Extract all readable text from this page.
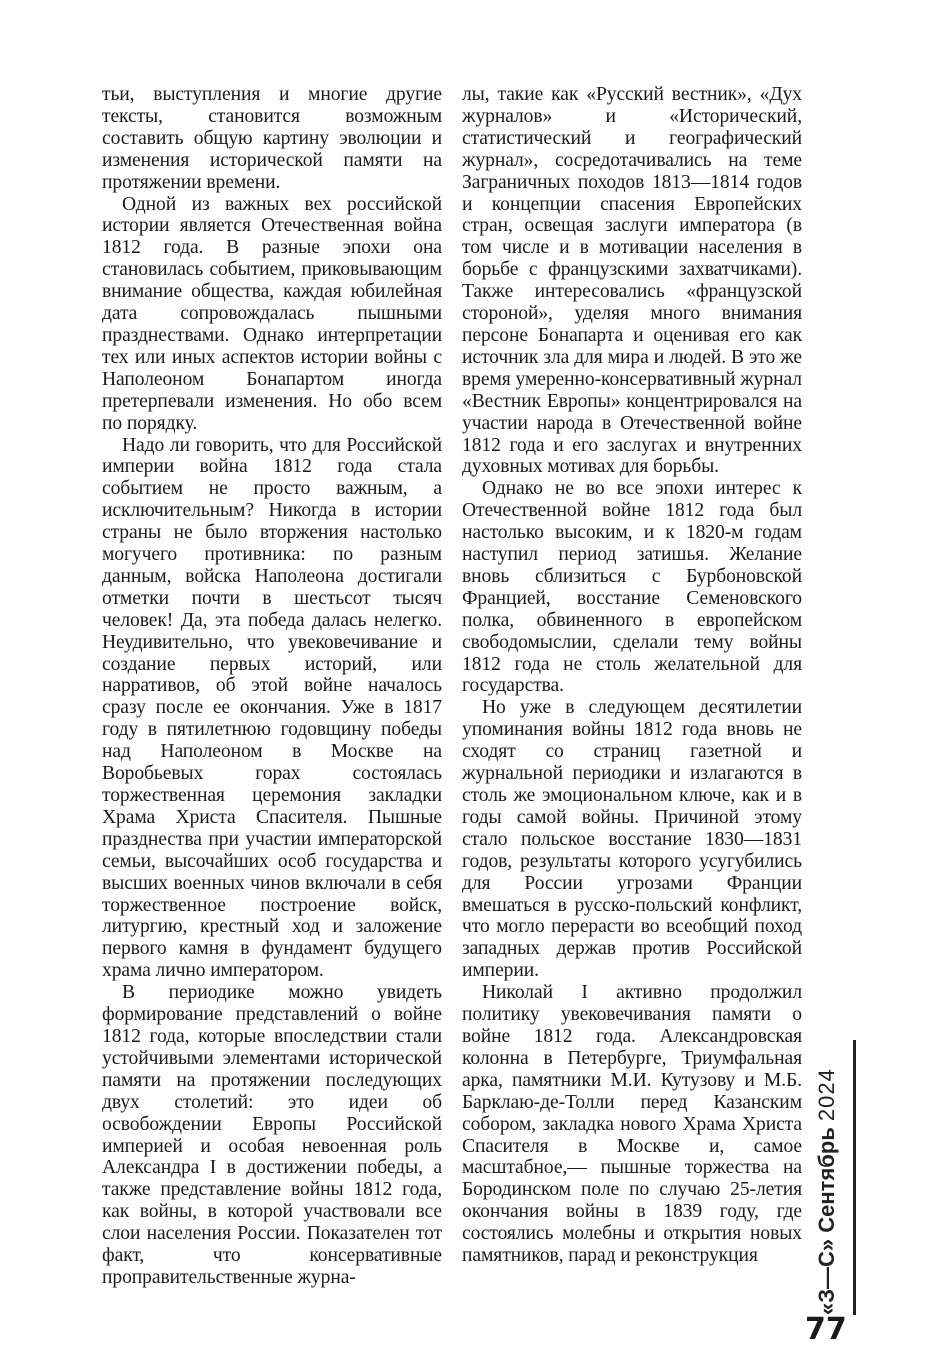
тьи, выступления и многие другие тексты, становится возможным составить общую картину эволюции и изменения исторической памяти на протяжении времени.

Одной из важных вех российской истории является Отечественная война 1812 года. В разные эпохи она становилась событием, приковывающим внимание общества, каждая юбилейная дата сопровождалась пышными празднествами. Однако интерпретации тех или иных аспектов истории войны с Наполеоном Бонапартом иногда претерпевали изменения. Но обо всем по порядку.

Надо ли говорить, что для Российской империи война 1812 года стала событием не просто важным, а исключительным? Никогда в истории страны не было вторжения настолько могучего противника: по разным данным, войска Наполеона достигали отметки почти в шестьсот тысяч человек! Да, эта победа далась нелегко. Неудивительно, что увековечивание и создание первых историй, или нарративов, об этой войне началось сразу после ее окончания. Уже в 1817 году в пятилетнюю годовщину победы над Наполеоном в Москве на Воробьевых горах состоялась торжественная церемония закладки Храма Христа Спасителя. Пышные празднества при участии императорской семьи, высочайших особ государства и высших военных чинов включали в себя торжественное построение войск, литургию, крестный ход и заложение первого камня в фундамент будущего храма лично императором.

В периодике можно увидеть формирование представлений о войне 1812 года, которые впоследствии стали устойчивыми элементами исторической памяти на протяжении последующих двух столетий: это идеи об освобождении Европы Российской империей и особая невоенная роль Александра I в достижении победы, а также представление войны 1812 года, как войны, в которой участвовали все слои населения России. Показателен тот факт, что консервативные проправительственные журна-

лы, такие как «Русский вестник», «Дух журналов» и «Исторический, статистический и географический журнал», сосредотачивались на теме Заграничных походов 1813—1814 годов и концепции спасения Европейских стран, освещая заслуги императора (в том числе и в мотивации населения в борьбе с французскими захватчиками). Также интересовались «французской стороной», уделяя много внимания персоне Бонапарта и оценивая его как источник зла для мира и людей. В это же время умеренно-консервативный журнал «Вестник Европы» концентрировался на участии народа в Отечественной войне 1812 года и его заслугах и внутренних духовных мотивах для борьбы.

Однако не во все эпохи интерес к Отечественной войне 1812 года был настолько высоким, и к 1820-м годам наступил период затишья. Желание вновь сблизиться с Бурбоновской Францией, восстание Семеновского полка, обвиненного в европейском свободомыслии, сделали тему войны 1812 года не столь желательной для государства.

Но уже в следующем десятилетии упоминания войны 1812 года вновь не сходят со страниц газетной и журнальной периодики и излагаются в столь же эмоциональном ключе, как и в годы самой войны. Причиной этому стало польское восстание 1830—1831 годов, результаты которого усугубились для России угрозами Франции вмешаться в русско-польский конфликт, что могло перерасти во всеобщий поход западных держав против Российской империи.

Николай I активно продолжил политику увековечивания памяти о войне 1812 года. Александровская колонна в Петербурге, Триумфальная арка, памятники М.И. Кутузову и М.Б. Барклаю-де-Толли перед Казанским собором, закладка нового Храма Христа Спасителя в Москве и, самое масштабное,— пышные торжества на Бородинском поле по случаю 25-летия окончания войны в 1839 году, где состоялись молебны и открытия новых памятников, парад и реконструкция	«З—С»

Сентябрь
2024
77
